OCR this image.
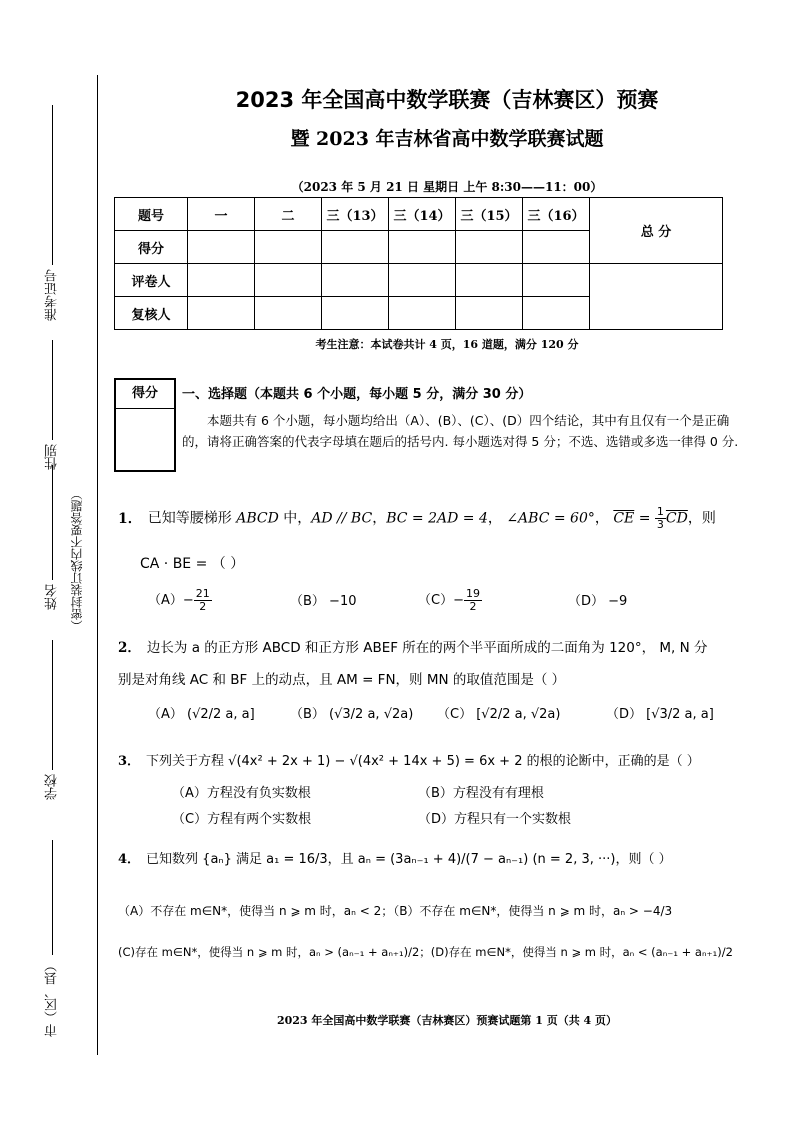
准考证号
性别
姓名 （密封装订线内不要答题）
学校
市（区、县）
2023 年全国高中数学联赛（吉林赛区）预赛
暨 2023 年吉林省高中数学联赛试题
（2023 年 5 月 21 日 星期日 上午 8:30——11：00）
题号	一	二	三（13）	三（14）	三（15）	三（16）	总 分
得分							
评卷人							
复核人							
考生注意：本试卷共计 4 页，16 道题，满分 120 分
得分	一、选择题（本题共 6 个小题，每小题 5 分，满分 30 分）
本题共有 6 个小题，每小题均给出（A）、(B）、(C）、(D）四个结论，其中有且仅有一个是正确的，请将正确答案的代表字母填在题后的括号内. 每小题选对得 5 分；不选、选错或多选一律得 0 分.
1． 已知等腰梯形 ABCD 中，AD // BC，BC = 2AD = 4， ∠ABC = 60°， $\overline{CE} = \frac{1}{3} \overline{CD}$，则
CA · BE = （ ）
$(A)- \frac{21}{2}$	（B） −10	$(C)- \frac{19}{2}$	（D） −9
2． 边长为 a 的正方形 ABCD 和正方形 ABEF 所在的两个半平面所成的二面角为 120°， M, N 分
别是对角线 AC 和 BF 上的动点，且 AM = FN，则 MN 的取值范围是（ ）
（A） (√2/2 a, a]	（B） (√3/2 a, √2a) （C） [√2/2 a, √2a)	（D） [√3/2 a, a]
3． 下列关于方程 √(4x² + 2x + 1) − √(4x² + 14x + 5) = 6x + 2 的根的论断中，正确的是（ ）
（A）方程没有负实数根	（B）方程没有有理根
（C）方程有两个实数根	（D）方程只有一个实数根
4． 已知数列 {aₙ} 满足 a₁ = 16/3，且 aₙ = (3aₙ₋₁ + 4)/(7 − aₙ₋₁) (n = 2, 3, ···)，则（ ）
（A）不存在 m∈N*，使得当 n ⩾ m 时，aₙ < 2；（B）不存在 m∈N*，使得当 n ⩾ m 时，aₙ > −4/3
(C)存在 m∈N*，使得当 n ⩾ m 时，aₙ > (aₙ₋₁ + aₙ₊₁)/2；(D)存在 m∈N*，使得当 n ⩾ m 时，aₙ < (aₙ₋₁ + aₙ₊₁)/2
2023 年全国高中数学联赛（吉林赛区）预赛试题第 1 页（共 4 页）
